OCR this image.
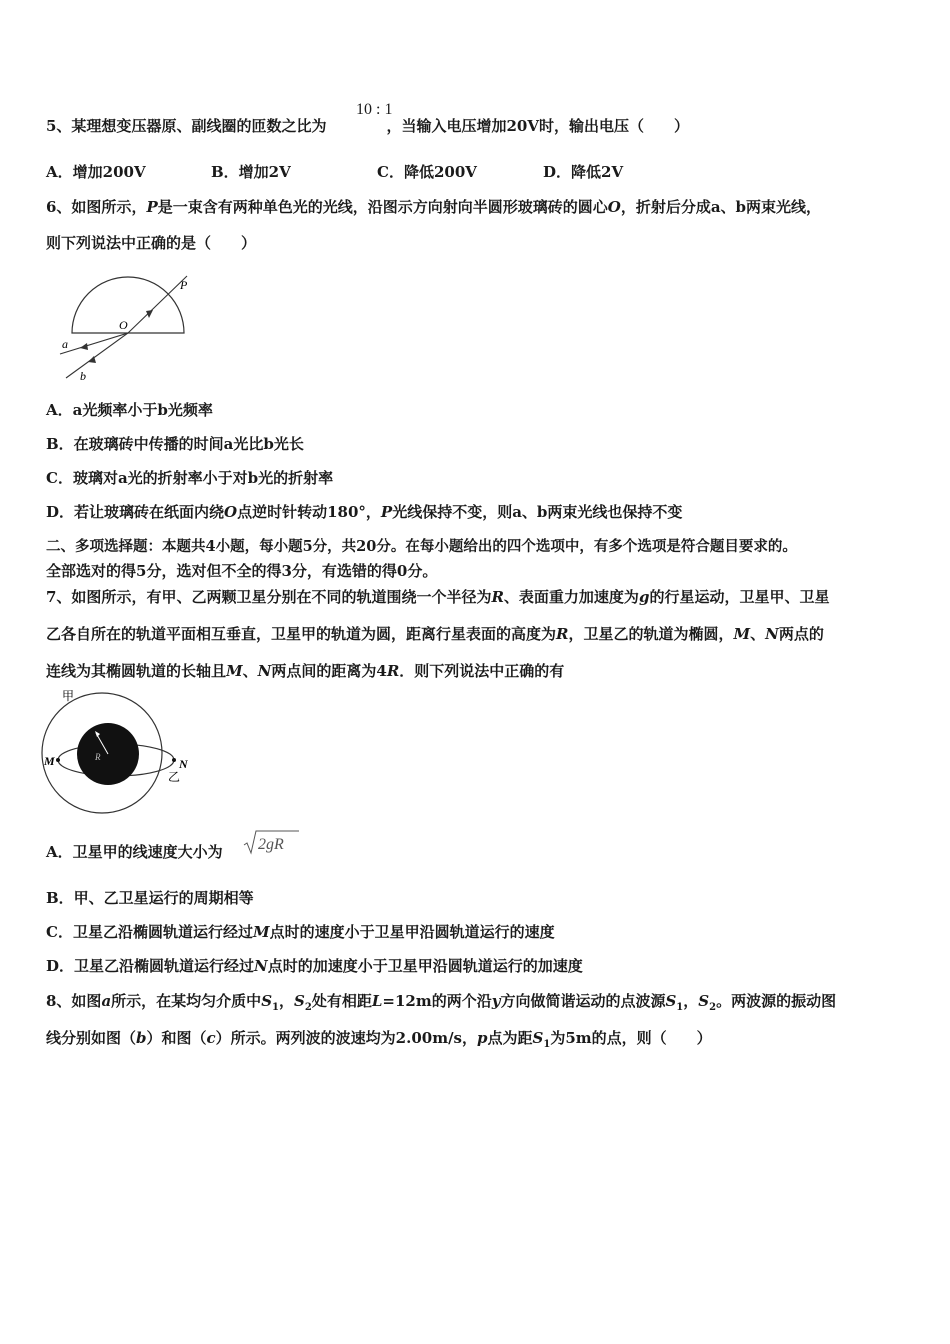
5、某理想变压器原、副线圈的匝数之比为	，当输入电压增加20V时，输出电压（　　）
10 : 1
A．增加200V	B．增加2V	C．降低200V	D．降低2V
6、如图所示，P是一束含有两种单色光的光线，沿图示方向射向半圆形玻璃砖的圆心O，折射后分成a、b两束光线，
则下列说法中正确的是（　　）
P
O
a
b
A．a光频率小于b光频率
B．在玻璃砖中传播的时间a光比b光长
C．玻璃对a光的折射率小于对b光的折射率
D．若让玻璃砖在纸面内绕O点逆时针转动180°，P光线保持不变，则a、b两束光线也保持不变
二、多项选择题：本题共4小题，每小题5分，共20分。在每小题给出的四个选项中，有多个选项是符合题目要求的。
全部选对的得5分，选对但不全的得3分，有选错的得0分。
7、如图所示，有甲、乙两颗卫星分别在不同的轨道围绕一个半径为R、表面重力加速度为g的行星运动，卫星甲、卫星
乙各自所在的轨道平面相互垂直，卫星甲的轨道为圆，距离行星表面的高度为R，卫星乙的轨道为椭圆，M、N两点的
连线为其椭圆轨道的长轴且M、N两点间的距离为4R．则下列说法中正确的有
甲
M	N
乙
R
A．卫星甲的线速度大小为 2gR
B．甲、乙卫星运行的周期相等
C．卫星乙沿椭圆轨道运行经过M点时的速度小于卫星甲沿圆轨道运行的速度
D．卫星乙沿椭圆轨道运行经过N点时的加速度小于卫星甲沿圆轨道运行的加速度
8、如图a所示，在某均匀介质中$S_1$，$S_2$处有相距L=12m的两个沿y方向做简谐运动的点波源$S_1$，$S_2$。两波源的振动图
线分别如图（b）和图（c）所示。两列波的波速均为2.00m/s，p点为距$S_1$为5m的点，则（　　）
